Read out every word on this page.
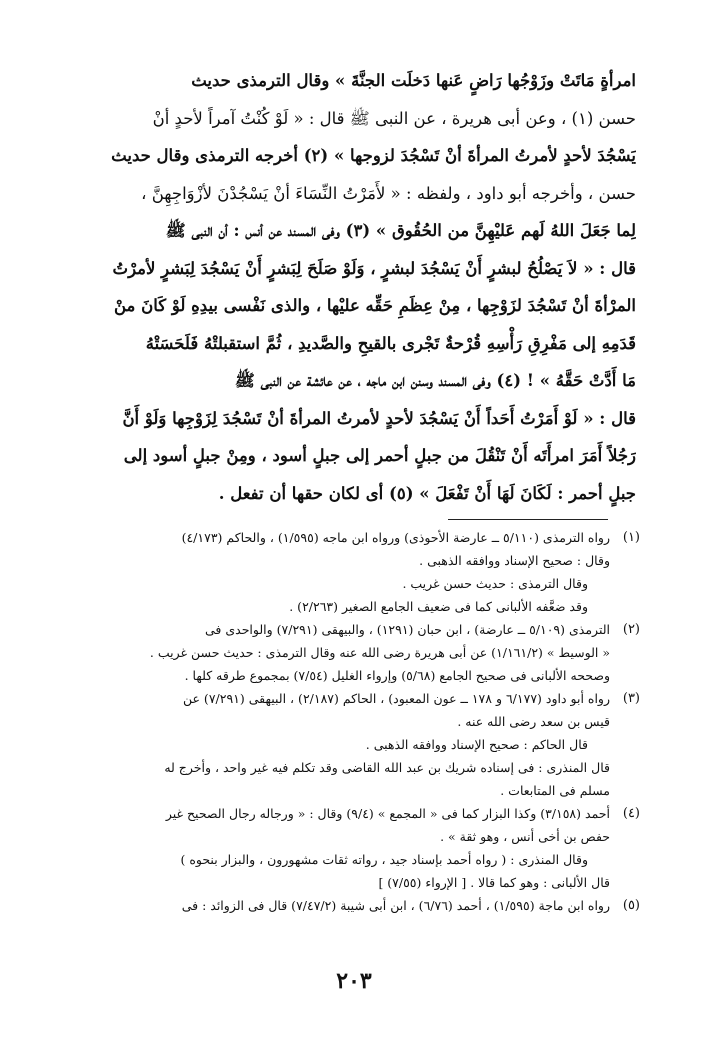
امرأةٍ مَاتَتْ وزَوْجُها رَاضٍ عَنها دَخلَت الجنَّةَ » وقال الترمذى حديث
حسن (١) ، وعن أبى هريرة ، عن النبى ﷺ قال : « لَوْ كُنْتُ آمراً لأحدٍ أنْ
يَسْجُدَ لأحدٍ لأمرتُ المرأةَ أنْ تَسْجُدَ لزوجها » (٢) أخرجه الترمذى وقال حديث
حسن ، وأخرجه أبو داود ، ولفظه : « لأَمَرْتُ النِّسَاءَ أنْ يَسْجُدْنَ لأزْوَاجِهِنَّ ،
لِما جَعَلَ اللهُ لَهم عَليْهِنَّ من الحُقُوق » (٣) وفى المسند عن أنس : أن النبى ﷺ
قال : « لاَ يَصْلُحُ لبشرٍ أَنْ يَسْجُدَ لبشرٍ ، وَلَوْ صَلَحَ لِبَشرٍ أَنْ يَسْجُدَ لِبَشرٍ لأمرْتُ
المرْأةَ أنْ تَسْجُدَ لزَوْجِها ، مِنْ عِظَمِ حَقِّه عليْها ، والذى نَفْسى بيدِهِ لَوْ كَانَ منْ
قَدَمِهِ إلى مَفْرِقِ رَأْسِهِ قُرْحةٌ تَجْرى بالقيحِ والصَّديدِ ، ثُمَّ استقبلتْهُ فَلَحَسَتْهُ
مَا أَدَّتْ حَقَّهُ » ! (٤) وفى المسند وسنن ابن ماجه ، عن عائشة عن النبى ﷺ
قال : « لَوْ أَمَرْتُ أَحَداً أَنْ يَسْجُدَ لأحدٍ لأمرتُ المرأةَ أنْ تَسْجُدَ لِزَوْجِها وَلَوْ أَنَّ
رَجُلاً أَمَرَ امرأَتَه أَنْ تَنْقُلَ من جبلٍ أحمر إلى جبلٍ أسود ، ومِنْ جبلٍ أسود إلى
جبلٍ أحمر : لَكَانَ لَهَا أَنْ تَفْعَلَ » (٥) أى لكان حقها أن تفعل .
(١)
رواه الترمذى (٥/١١٠ ــ عارضة الأحوذى) ورواه ابن ماجه (١/٥٩٥) ، والحاكم (٤/١٧٣)
وقال : صحيح الإسناد ووافقه الذهبى .
وقال الترمذى : حديث حسن غريب .
وقد ضعَّفه الألبانى كما فى ضعيف الجامع الصغير (٢/٢٦٣) .
(٢)
الترمذى (٥/١٠٩ ــ عارضة) ، ابن حبان (١٢٩١) ، والبيهقى (٧/٢٩١) والواحدى فى
« الوسيط » (١/١٦١/٢) عن أبى هريرة رضى الله عنه وقال الترمذى : حديث حسن غريب .
وصححه الألبانى فى صحيح الجامع (٥/٦٨) وإرواء الغليل (٧/٥٤) بمجموع طرقه كلها .
(٣)
رواه أبو داود (٦/١٧٧ و ١٧٨ ــ عون المعبود) ، الحاكم (٢/١٨٧) ، البيهقى (٧/٢٩١) عن
قيس بن سعد رضى الله عنه .
قال الحاكم : صحيح الإسناد ووافقه الذهبى .
قال المنذرى : فى إسناده شريك بن عبد الله القاضى وقد تكلم فيه غير واحد ، وأخرج له
مسلم فى المتابعات .
(٤)
أحمد (٣/١٥٨) وكذا البزار كما فى « المجمع » (٩/٤) وقال : « ورجاله رجال الصحيح غير
حفص بن أخى أنس ، وهو ثقة » .
وقال المنذرى : ( رواه أحمد بإسناد جيد ، رواته ثقات مشهورون ، والبزار بنحوه )
قال الألبانى : وهو كما قالا . [ الإرواء (٧/٥٥) ]
(٥)
رواه ابن ماجة (١/٥٩٥) ، أحمد (٦/٧٦) ، ابن أبى شيبة (٧/٤٧/٢) قال فى الزوائد : فى
٢٠٣
